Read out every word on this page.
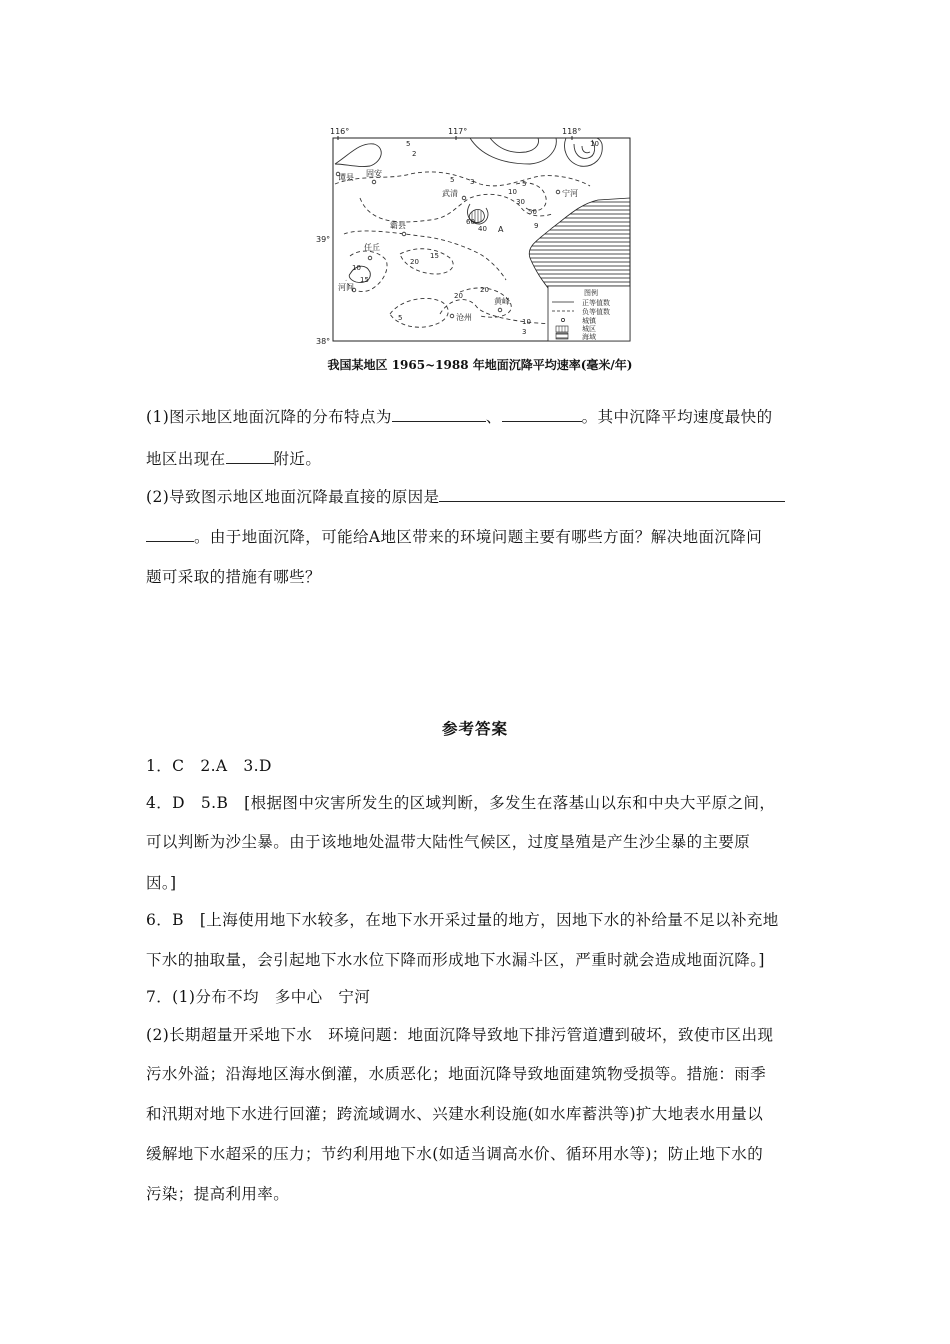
116°	117°	118°
39°
38°
谭县 固安
武清	宁河
霸县
任丘
河间
黄峰
沧州
A
5
2
3
10
5
10
30
50
9
60
40
20
15
10
15
20
5
20
10
3
5
图例
正等值数
负等值数
城镇
城区
海域
我国某地区 1965~1988 年地面沉降平均速率(毫米/年)
(1)图示地区地面沉降的分布特点为	、	。其中沉降平均速度最快的
地区出现在	附近。
(2)导致图示地区地面沉降最直接的原因是
。由于地面沉降，可能给A地区带来的环境问题主要有哪些方面？解决地面沉降问
题可采取的措施有哪些？
参考答案
1．C　2.A　3.D
4．D　5.B　[根据图中灾害所发生的区域判断，多发生在落基山以东和中央大平原之间，
可以判断为沙尘暴。由于该地地处温带大陆性气候区，过度垦殖是产生沙尘暴的主要原
因。]
6．B　[上海使用地下水较多，在地下水开采过量的地方，因地下水的补给量不足以补充地
下水的抽取量，会引起地下水水位下降而形成地下水漏斗区，严重时就会造成地面沉降。]
7．(1)分布不均　多中心　宁河
(2)长期超量开采地下水　环境问题：地面沉降导致地下排污管道遭到破坏，致使市区出现
污水外溢；沿海地区海水倒灌，水质恶化；地面沉降导致地面建筑物受损等。措施：雨季
和汛期对地下水进行回灌；跨流域调水、兴建水利设施(如水库蓄洪等)扩大地表水用量以
缓解地下水超采的压力；节约利用地下水(如适当调高水价、循环用水等)；防止地下水的
污染；提高利用率。
